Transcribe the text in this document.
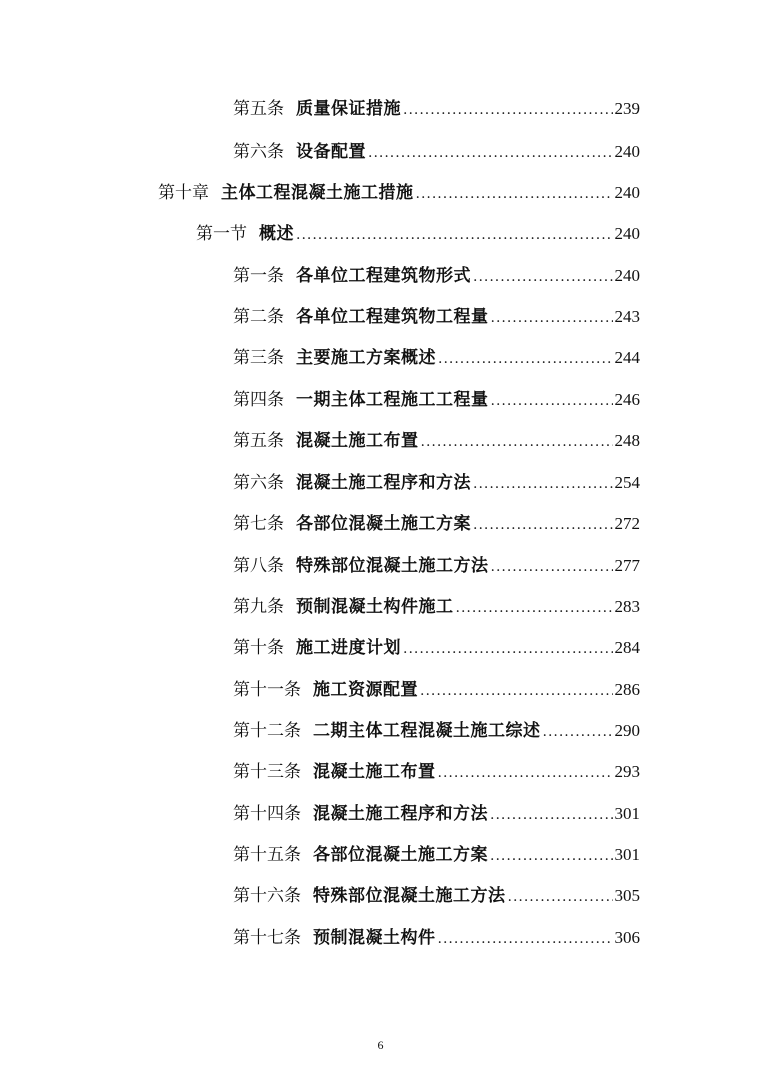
第五条 质量保证措施 .....	239
第六条 设备配置 .....	240
第十章 主体工程混凝土施工措施 .....	240
第一节 概述 .....	240
第一条 各单位工程建筑物形式 .....	240
第二条 各单位工程建筑物工程量 .....	243
第三条 主要施工方案概述 .....	244
第四条 一期主体工程施工工程量 .....	246
第五条 混凝土施工布置 .....	248
第六条 混凝土施工程序和方法 .....	254
第七条 各部位混凝土施工方案 .....	272
第八条 特殊部位混凝土施工方法 .....	277
第九条 预制混凝土构件施工 .....	283
第十条 施工进度计划 .....	284
第十一条 施工资源配置 .....	286
第十二条 二期主体工程混凝土施工综述 .....	290
第十三条 混凝土施工布置 .....	293
第十四条 混凝土施工程序和方法 .....	301
第十五条 各部位混凝土施工方案 .....	301
第十六条 特殊部位混凝土施工方法 .....	305
第十七条 预制混凝土构件 .....	306
6
